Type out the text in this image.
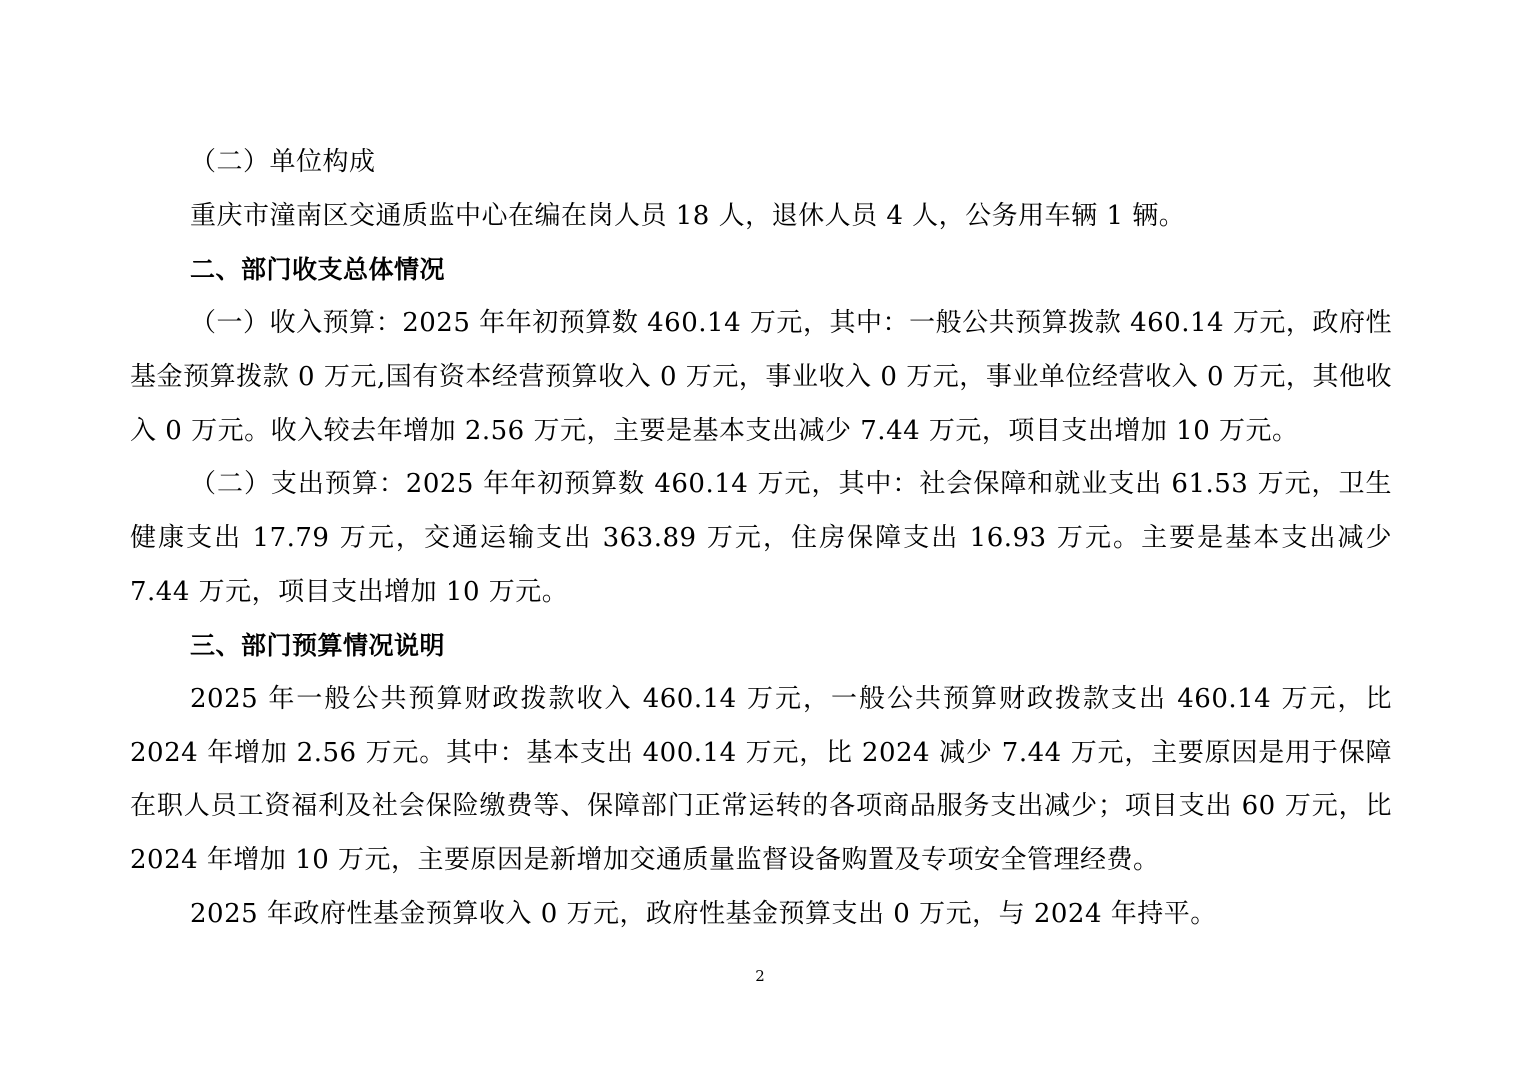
（二）单位构成

重庆市潼南区交通质监中心在编在岗人员 18 人，退休人员 4 人，公务用车辆 1 辆。

二、部门收支总体情况

（一）收入预算：2025 年年初预算数 460.14 万元，其中：一般公共预算拨款 460.14 万元，政府性基金预算拨款 0 万元,国有资本经营预算收入 0 万元，事业收入 0 万元，事业单位经营收入 0 万元，其他收入 0 万元。收入较去年增加 2.56 万元，主要是基本支出减少 7.44 万元，项目支出增加 10 万元。

（二）支出预算：2025 年年初预算数 460.14 万元，其中：社会保障和就业支出 61.53 万元，卫生健康支出 17.79 万元，交通运输支出 363.89 万元，住房保障支出 16.93 万元。主要是基本支出减少 7.44 万元，项目支出增加 10 万元。

三、部门预算情况说明

2025 年一般公共预算财政拨款收入 460.14 万元，一般公共预算财政拨款支出 460.14 万元，比 2024 年增加 2.56 万元。其中：基本支出 400.14 万元，比 2024 减少 7.44 万元，主要原因是用于保障在职人员工资福利及社会保险缴费等、保障部门正常运转的各项商品服务支出减少；项目支出 60 万元，比 2024 年增加 10 万元，主要原因是新增加交通质量监督设备购置及专项安全管理经费。

2025 年政府性基金预算收入 0 万元，政府性基金预算支出 0 万元，与 2024 年持平。

2
